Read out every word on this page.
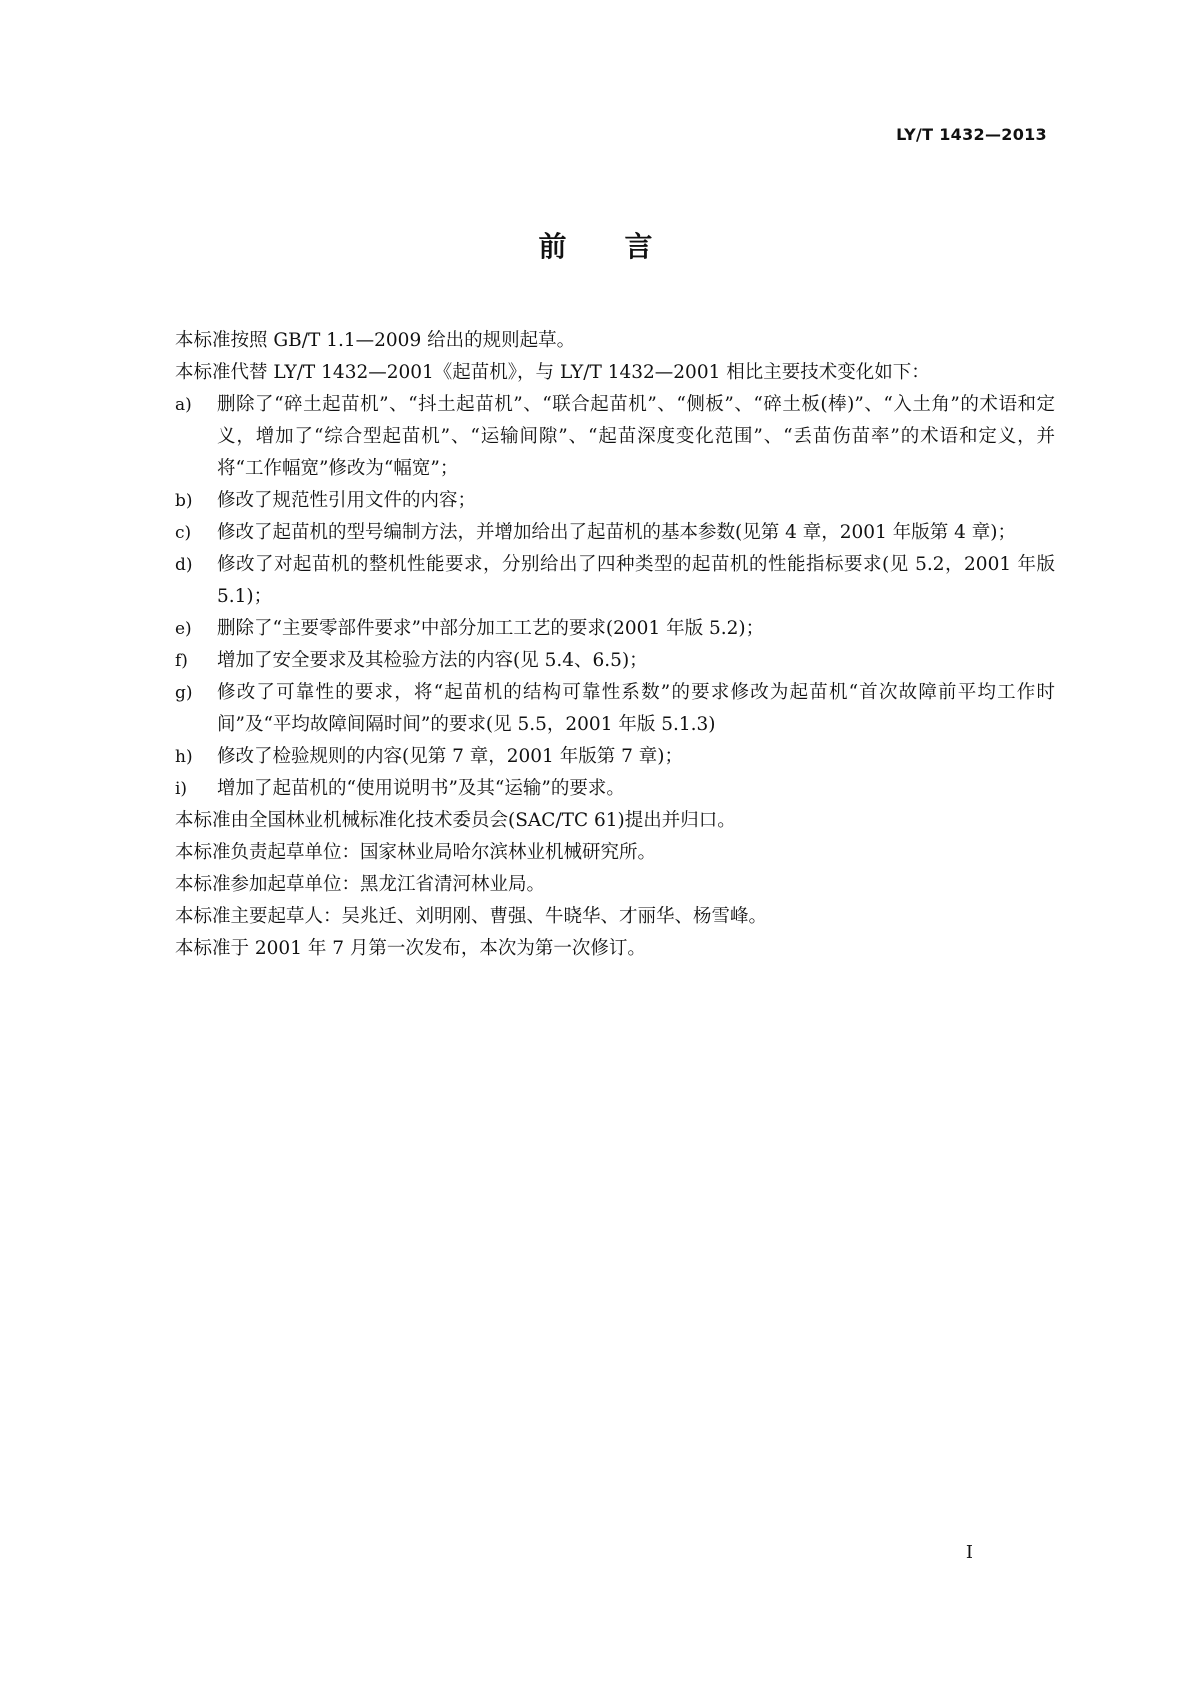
LY/T 1432—2013
前言

本标准按照 GB/T 1.1—2009 给出的规则起草。

本标准代替 LY/T 1432—2001《起苗机》，与 LY/T 1432—2001 相比主要技术变化如下：

a) 删除了“碎土起苗机”、“抖土起苗机”、“联合起苗机”、“侧板”、“碎土板(棒)”、“入土角”的术语和定义，增加了“综合型起苗机”、“运输间隙”、“起苗深度变化范围”、“丢苗伤苗率”的术语和定义，并将“工作幅宽”修改为“幅宽”；
b) 修改了规范性引用文件的内容；
c) 修改了起苗机的型号编制方法，并增加给出了起苗机的基本参数(见第 4 章，2001 年版第 4 章)；
d) 修改了对起苗机的整机性能要求，分别给出了四种类型的起苗机的性能指标要求(见 5.2，2001 年版 5.1)；
e) 删除了“主要零部件要求”中部分加工工艺的要求(2001 年版 5.2)；
f) 增加了安全要求及其检验方法的内容(见 5.4、6.5)；
g) 修改了可靠性的要求，将“起苗机的结构可靠性系数”的要求修改为起苗机“首次故障前平均工作时间”及“平均故障间隔时间”的要求(见 5.5，2001 年版 5.1.3)
h) 修改了检验规则的内容(见第 7 章，2001 年版第 7 章)；
i) 增加了起苗机的“使用说明书”及其“运输”的要求。

本标准由全国林业机械标准化技术委员会(SAC/TC 61)提出并归口。

本标准负责起草单位：国家林业局哈尔滨林业机械研究所。

本标准参加起草单位：黑龙江省清河林业局。

本标准主要起草人：吴兆迁、刘明刚、曹强、牛晓华、才丽华、杨雪峰。

本标准于 2001 年 7 月第一次发布，本次为第一次修订。

I
